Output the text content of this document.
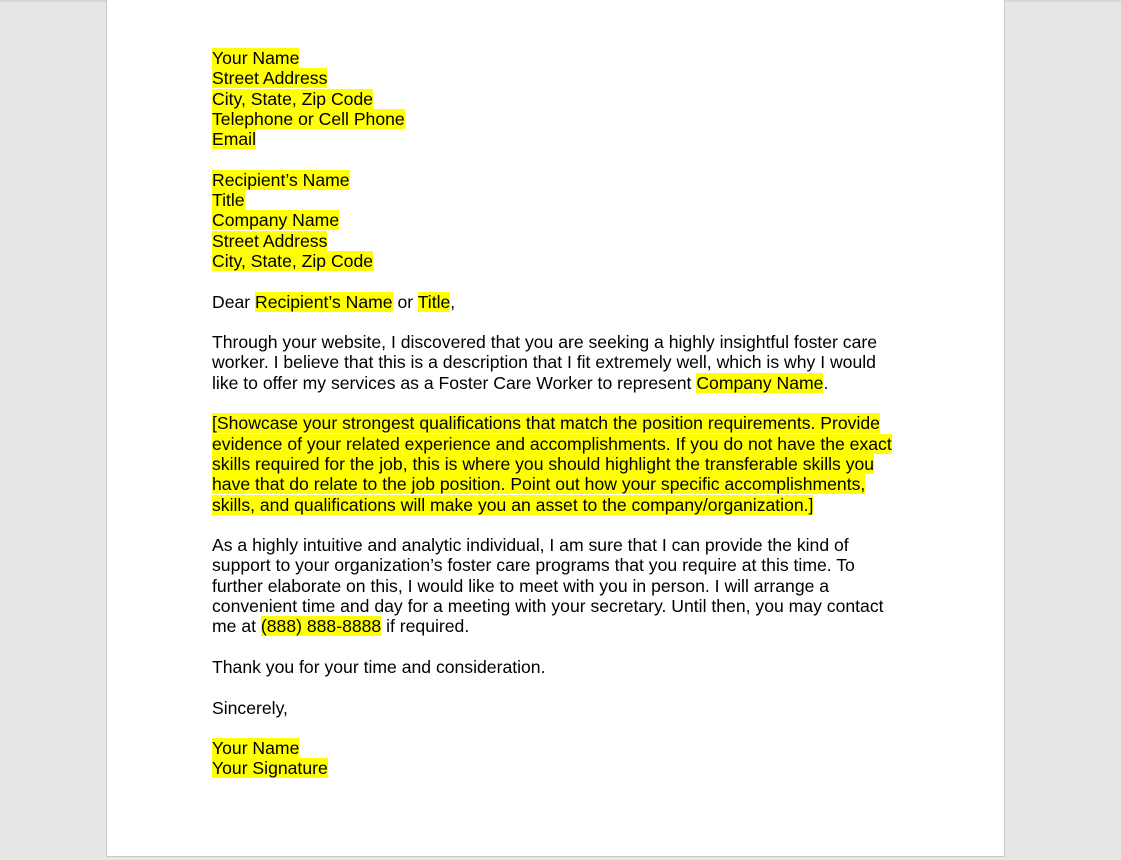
Your Name
Street Address
City, State, Zip Code
Telephone or Cell Phone
Email
Recipient’s Name
Title
Company Name
Street Address
City, State, Zip Code
Dear Recipient’s Name or Title,
Through your website, I discovered that you are seeking a highly insightful foster care
worker. I believe that this is a description that I fit extremely well, which is why I would
like to offer my services as a Foster Care Worker to represent Company Name.
[Showcase your strongest qualifications that match the position requirements. Provide
evidence of your related experience and accomplishments. If you do not have the exact
skills required for the job, this is where you should highlight the transferable skills you
have that do relate to the job position. Point out how your specific accomplishments,
skills, and qualifications will make you an asset to the company/organization.]
As a highly intuitive and analytic individual, I am sure that I can provide the kind of
support to your organization’s foster care programs that you require at this time. To
further elaborate on this, I would like to meet with you in person. I will arrange a
convenient time and day for a meeting with your secretary. Until then, you may contact
me at (888) 888-8888 if required.
Thank you for your time and consideration.
Sincerely,
Your Name
Your Signature
